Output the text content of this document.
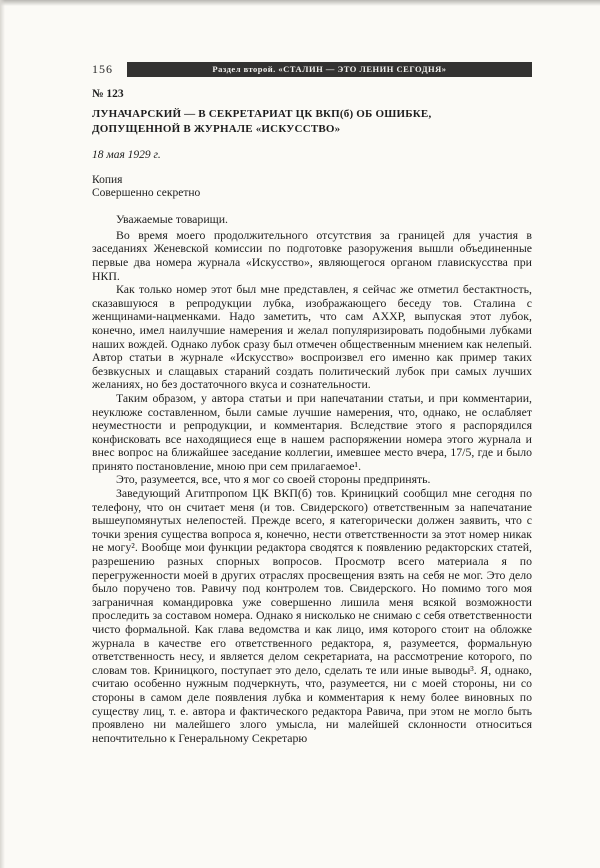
156	Раздел второй. «СТАЛИН — ЭТО ЛЕНИН СЕГОДНЯ»
№ 123
ЛУНАЧАРСКИЙ — В СЕКРЕТАРИАТ ЦК ВКП(б) ОБ ОШИБКЕ,
ДОПУЩЕННОЙ В ЖУРНАЛЕ «ИСКУССТВО»
18 мая 1929 г.
Копия
Совершенно секретно
Уважаемые товарищи.

Во время моего продолжительного отсутствия за границей для участия в заседаниях Женевской комиссии по подготовке разоружения вышли объединенные первые два номера журнала «Искусство», являющегося органом главискусства при НКП.

Как только номер этот был мне представлен, я сейчас же отметил бестактность, сказавшуюся в репродукции лубка, изображающего беседу тов. Сталина с женщинами-нацменками. Надо заметить, что сам АХХР, выпуская этот лубок, конечно, имел наилучшие намерения и желал популяризировать подобными лубками наших вождей. Однако лубок сразу был отмечен общественным мнением как нелепый. Автор статьи в журнале «Искусство» воспроизвел его именно как пример таких безвкусных и слащавых стараний создать политический лубок при самых лучших желаниях, но без достаточного вкуса и сознательности.

Таким образом, у автора статьи и при напечатании статьи, и при комментарии, неуклюже составленном, были самые лучшие намерения, что, однако, не ослабляет неуместности и репродукции, и комментария. Вследствие этого я распорядился конфисковать все находящиеся еще в нашем распоряжении номера этого журнала и внес вопрос на ближайшее заседание коллегии, имевшее место вчера, 17/5, где и было принято постановление, мною при сем прилагаемое¹.

Это, разумеется, все, что я мог со своей стороны предпринять.

Заведующий Агитпропом ЦК ВКП(б) тов. Криницкий сообщил мне сегодня по телефону, что он считает меня (и тов. Свидерского) ответственным за напечатание вышеупомянутых нелепостей. Прежде всего, я категорически должен заявить, что с точки зрения существа вопроса я, конечно, нести ответственности за этот номер никак не могу². Вообще мои функции редактора сводятся к появлению редакторских статей, разрешению разных спорных вопросов. Просмотр всего материала я по перегруженности моей в других отраслях просвещения взять на себя не мог. Это дело было поручено тов. Равичу под контролем тов. Свидерского. Но помимо того моя заграничная командировка уже совершенно лишила меня всякой возможности проследить за составом номера. Однако я нисколько не снимаю с себя ответственности чисто формальной. Как глава ведомства и как лицо, имя которого стоит на обложке журнала в качестве его ответственного редактора, я, разумеется, формальную ответственность несу, и является делом секретариата, на рассмотрение которого, по словам тов. Криницкого, поступает это дело, сделать те или иные выводы³. Я, однако, считаю особенно нужным подчеркнуть, что, разумеется, ни с моей стороны, ни со стороны в самом деле появления лубка и комментария к нему более виновных по существу лиц, т. е. автора и фактического редактора Равича, при этом не могло быть проявлено ни малейшего злого умысла, ни малейшей склонности относиться непочтительно к Генеральному Секретарю
